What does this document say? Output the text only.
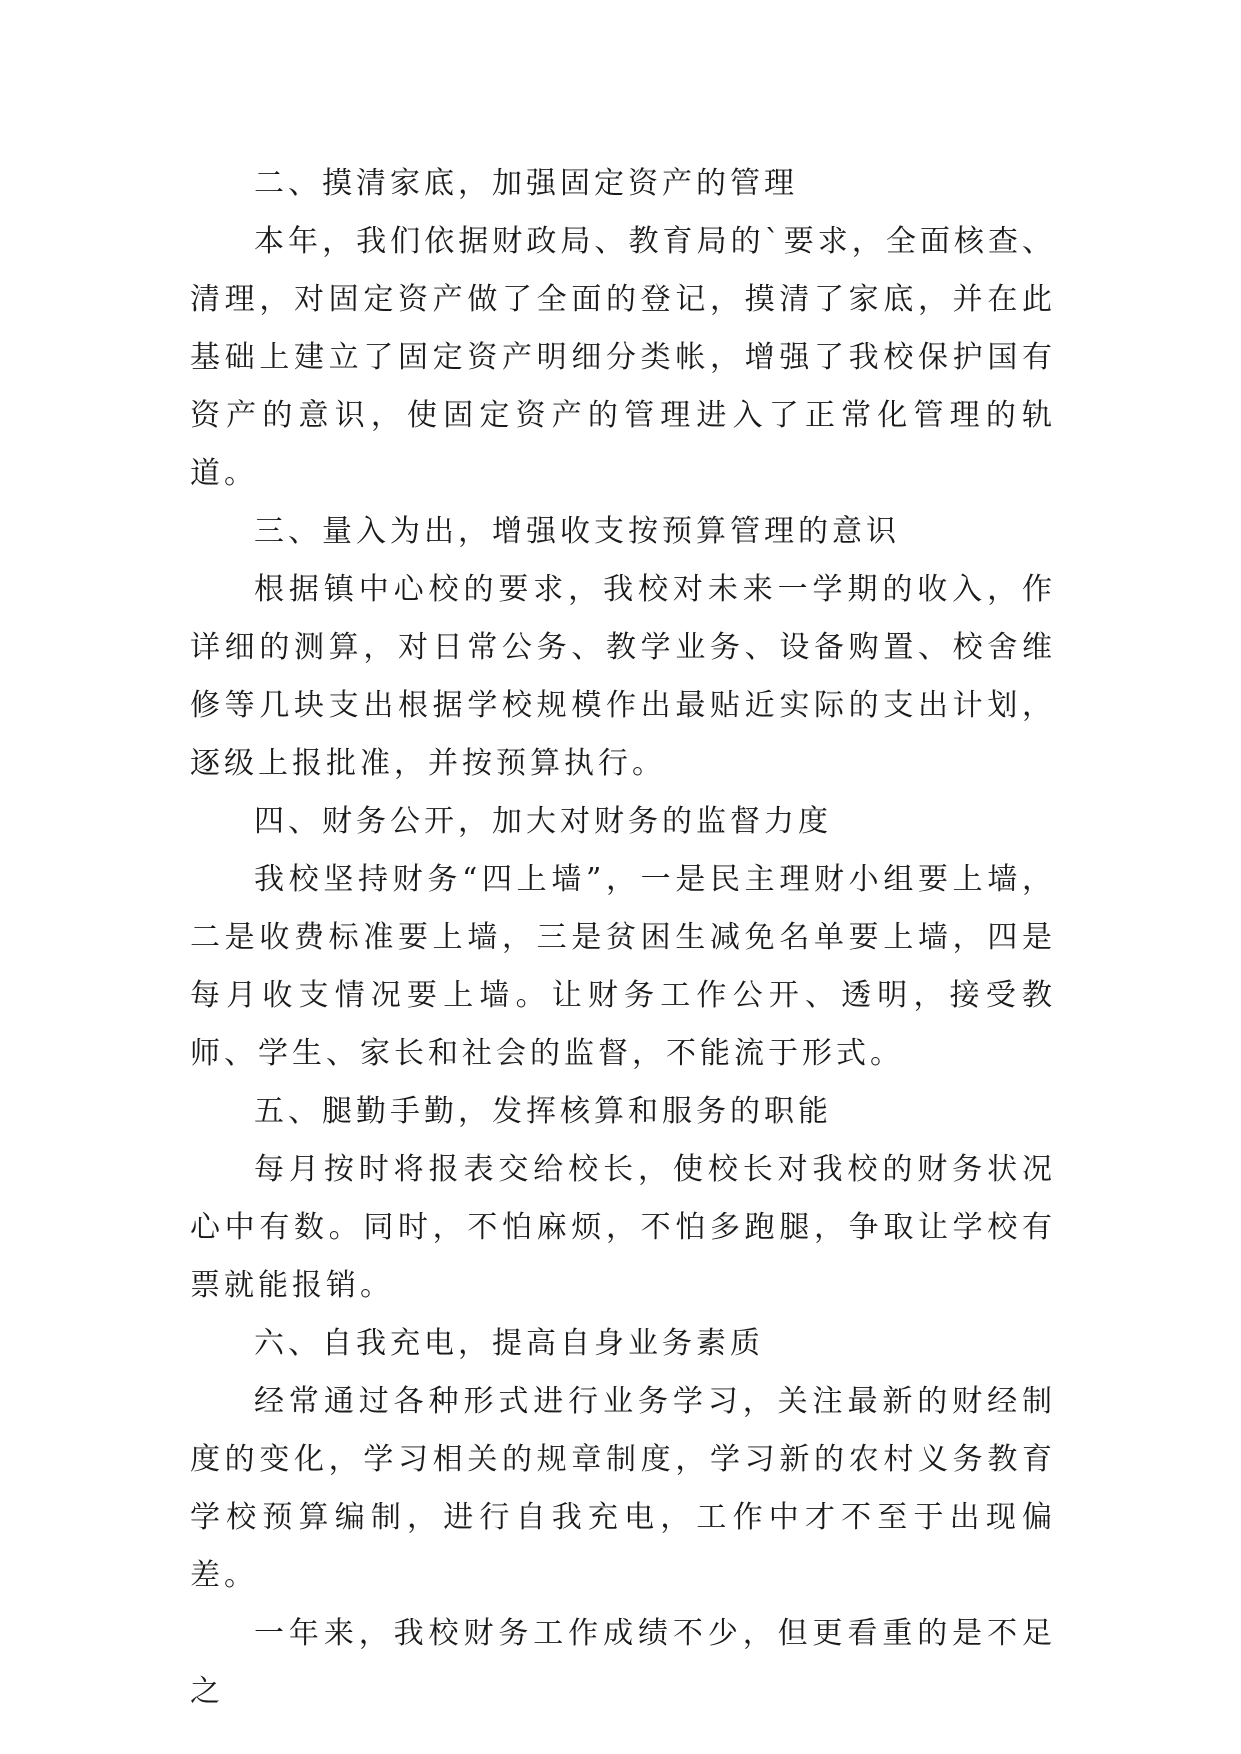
二、摸清家底，加强固定资产的管理

本年，我们依据财政局、教育局的`要求，全面核查、清理，对固定资产做了全面的登记，摸清了家底，并在此基础上建立了固定资产明细分类帐，增强了我校保护国有资产的意识，使固定资产的管理进入了正常化管理的轨道。

三、量入为出，增强收支按预算管理的意识

根据镇中心校的要求，我校对未来一学期的收入，作详细的测算，对日常公务、教学业务、设备购置、校舍维修等几块支出根据学校规模作出最贴近实际的支出计划，逐级上报批准，并按预算执行。

四、财务公开，加大对财务的监督力度

我校坚持财务“四上墙”，一是民主理财小组要上墙，二是收费标准要上墙，三是贫困生减免名单要上墙，四是每月收支情况要上墙。让财务工作公开、透明，接受教师、学生、家长和社会的监督，不能流于形式。

五、腿勤手勤，发挥核算和服务的职能

每月按时将报表交给校长，使校长对我校的财务状况心中有数。同时，不怕麻烦，不怕多跑腿，争取让学校有票就能报销。

六、自我充电，提高自身业务素质

经常通过各种形式进行业务学习，关注最新的财经制度的变化，学习相关的规章制度，学习新的农村义务教育学校预算编制，进行自我充电，工作中才不至于出现偏差。

一年来，我校财务工作成绩不少，但更看重的是不足之
